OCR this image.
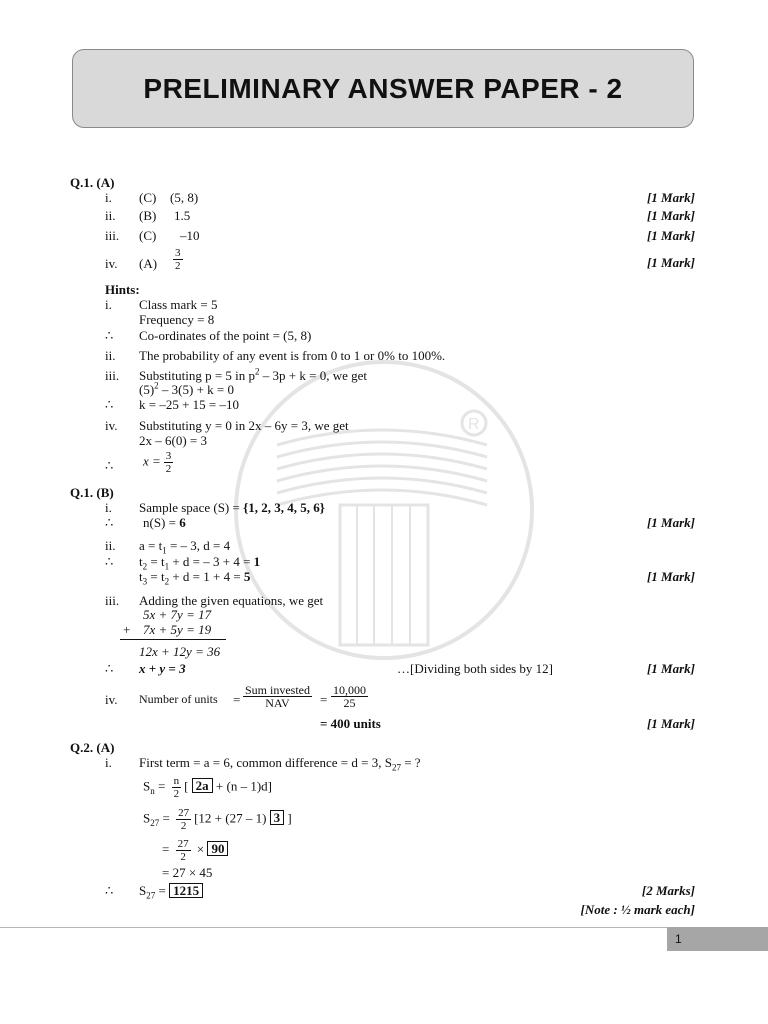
PRELIMINARY ANSWER PAPER - 2
R
Q.1. (A)
i. (C) (5, 8)	[1 Mark]
ii. (B) 1.5	[1 Mark]
iii. (C) –10	[1 Mark]
iv. $(A) \frac{3}{2}$	[1 Mark]
Hints:
i. Class mark = 5
Frequency = 8
∴ Co-ordinates of the point = (5, 8)
ii. The probability of any event is from 0 to 1 or 0% to 100%.
iii. Substituting p = 5 in $p^2 - 3p + k = 0$, we get
$(5)^2 - 3(5) + k = 0$
∴ k = –25 + 15 = –10
iv. Substituting y = 0 in 2x – 6y = 3, we get
2x – 6(0) = 3
∴ $x = \frac{3}{2}$
Q.1. (B)
i. Sample space (S) = {1, 2, 3, 4, 5, 6}
∴ n(S) = 6	[1 Mark]
ii. $a = t_1$ = – 3, d = 4
∴ $t_2 = t_1 + d$ = – 3 + 4 = 1
$t_3 = t_2 + d = 1 + 4 = 5$	[1 Mark]
iii. Adding the given equations, we get
5x + 7y = 17
+ 7x + 5y = 19
12x + 12y = 36
∴ x + y = 3	…[Dividing both sides by 12]	[1 Mark]
iv. Number of units = $\frac{\text{Sum invested}}{\text{NAV}} = \frac{10,000}{25}$
= 400 units	[1 Mark]
Q.2. (A)
i. First term = a = 6, common difference = d = 3, $S_{27}$ = ?
$S_n = \frac{n}{2}$ [ 2a + (n – 1)d]
$S_{27} = \frac{27}{2} [12 + (27 - 1)$ 3 ]
= $\frac{27}{2} \times 90$
= 27 × 45
∴ $S_{27} = 1215$	[2 Marks]
[Note : ½ mark each]
1
